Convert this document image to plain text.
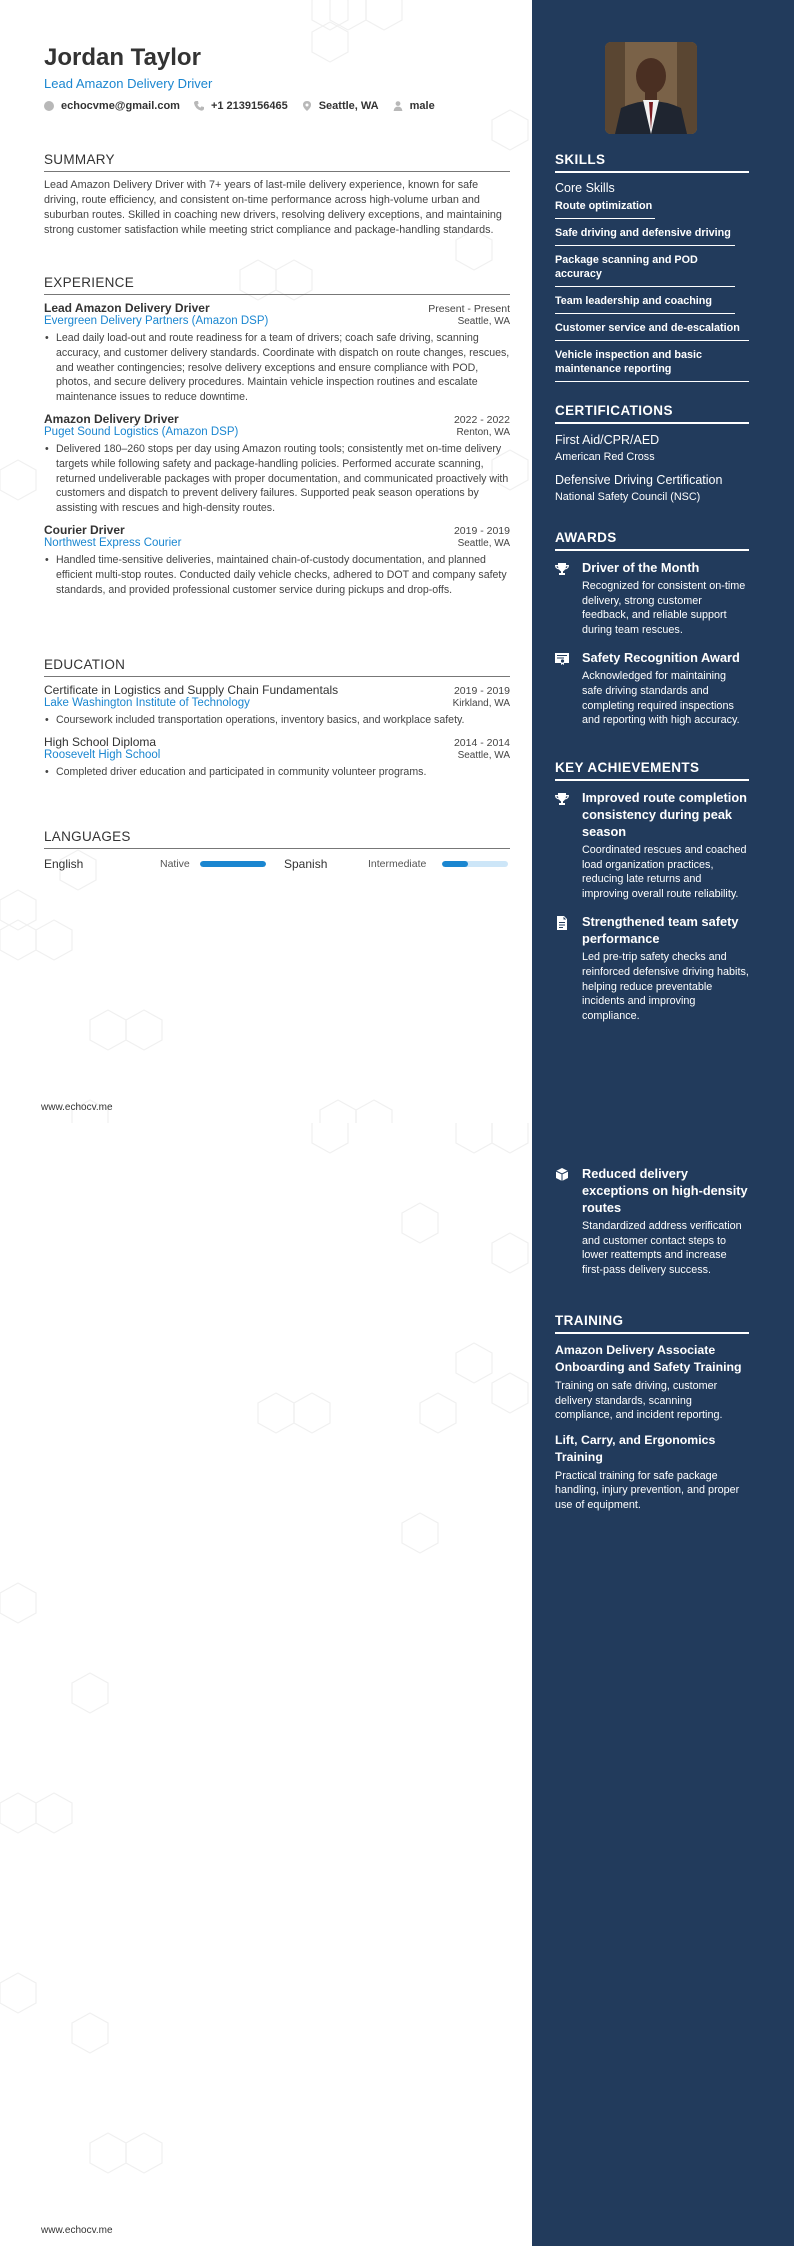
Jordan Taylor
Lead Amazon Delivery Driver
echocvme@gmail.com	+1 2139156465	Seattle, WA	male
SUMMARY
Lead Amazon Delivery Driver with 7+ years of last-mile delivery experience, known for safe driving, route efficiency, and consistent on-time performance across high-volume urban and suburban routes. Skilled in coaching new drivers, resolving delivery exceptions, and maintaining strong customer satisfaction while meeting strict compliance and package-handling standards.
EXPERIENCE
Lead Amazon Delivery Driver	Present - Present
Evergreen Delivery Partners (Amazon DSP)	Seattle, WA
• Lead daily load-out and route readiness for a team of drivers; coach safe driving, scanning accuracy, and customer delivery standards. Coordinate with dispatch on route changes, rescues, and weather contingencies; resolve delivery exceptions and ensure compliance with POD, photos, and secure delivery procedures. Maintain vehicle inspection routines and escalate maintenance issues to reduce downtime.
Amazon Delivery Driver	2022 - 2022
Puget Sound Logistics (Amazon DSP)	Renton, WA
• Delivered 180–260 stops per day using Amazon routing tools; consistently met on-time delivery targets while following safety and package-handling policies. Performed accurate scanning, returned undeliverable packages with proper documentation, and communicated proactively with customers and dispatch to prevent delivery failures. Supported peak season operations by assisting with rescues and high-density routes.
Courier Driver	2019 - 2019
Northwest Express Courier	Seattle, WA
• Handled time-sensitive deliveries, maintained chain-of-custody documentation, and planned efficient multi-stop routes. Conducted daily vehicle checks, adhered to DOT and company safety standards, and provided professional customer service during pickups and drop-offs.
EDUCATION
Certificate in Logistics and Supply Chain Fundamentals	2019 - 2019
Lake Washington Institute of Technology	Kirkland, WA
• Coursework included transportation operations, inventory basics, and workplace safety.
High School Diploma	2014 - 2014
Roosevelt High School	Seattle, WA
• Completed driver education and participated in community volunteer programs.
LANGUAGES
English	Native	Spanish	Intermediate
SKILLS
Core Skills
Route optimization
Safe driving and defensive driving
Package scanning and POD accuracy
Team leadership and coaching
Customer service and de-escalation
Vehicle inspection and basic maintenance reporting
CERTIFICATIONS
First Aid/CPR/AED
American Red Cross
Defensive Driving Certification
National Safety Council (NSC)
AWARDS
Driver of the Month
Recognized for consistent on-time delivery, strong customer feedback, and reliable support during team rescues.
Safety Recognition Award
Acknowledged for maintaining safe driving standards and completing required inspections and reporting with high accuracy.
KEY ACHIEVEMENTS
Improved route completion consistency during peak season
Coordinated rescues and coached load organization practices, reducing late returns and improving overall route reliability.
Strengthened team safety performance
Led pre-trip safety checks and reinforced defensive driving habits, helping reduce preventable incidents and improving compliance.
www.echocv.me
Reduced delivery exceptions on high-density routes
Standardized address verification and customer contact steps to lower reattempts and increase first-pass delivery success.
TRAINING
Amazon Delivery Associate Onboarding and Safety Training
Training on safe driving, customer delivery standards, scanning compliance, and incident reporting.
Lift, Carry, and Ergonomics Training
Practical training for safe package handling, injury prevention, and proper use of equipment.
www.echocv.me
